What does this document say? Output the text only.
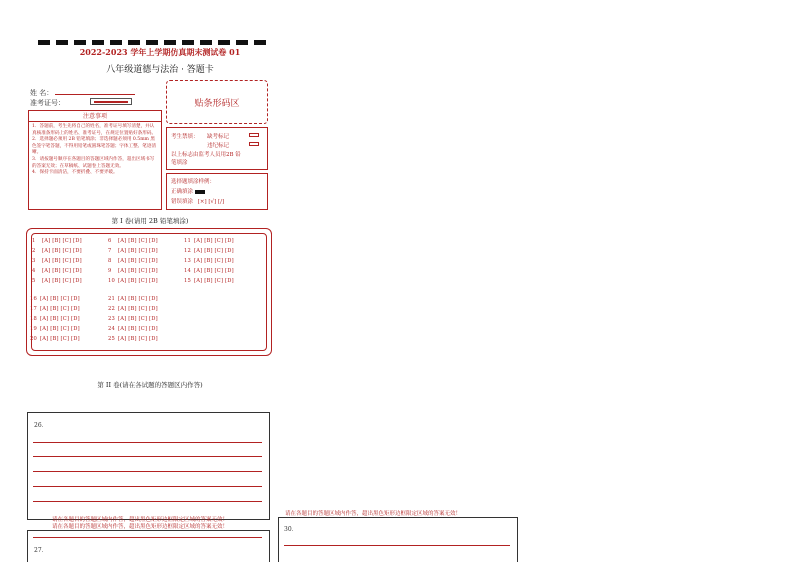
2022-2023 学年上学期仿真期末测试卷 01
八年级道德与法治 · 答题卡
姓 名：
准考证号：	贴条形码区
注意事项
1．答题前，考生先将自己的姓名，准考证号填写清楚，并认真核准条形码上的姓名、准考证号，在规定位置贴好条形码。
2．选择题必须用 2B 铅笔填涂；非选择题必须用 0.5mm 黑色签字笔答题，不得用铅笔或圆珠笔答题；字体工整、笔迹清晰。
3．请按题号顺序在各题目的答题区域内作答，超出区域书写的答案无效；在草稿纸、试题卷上答题无效。
4．保持卡面清洁，不要折叠、不要弄破。
考生禁填： 缺考标记
违纪标记
以上标志由监考人员用2B 铅笔填涂
选择题填涂样例：
正确填涂
错误填涂 [×] [√] [/]
第 I 卷(请用 2B 铅笔填涂)
1 [A] [B] [C] [D]
2 [A] [B] [C] [D]
3 [A] [B] [C] [D]
4 [A] [B] [C] [D]
5 [A] [B] [C] [D]
6 [A] [B] [C] [D]
7 [A] [B] [C] [D]
8 [A] [B] [C] [D]
9 [A] [B] [C] [D]
10 [A] [B] [C] [D]
11 [A] [B] [C] [D]
12 [A] [B] [C] [D]
13 [A] [B] [C] [D]
14 [A] [B] [C] [D]
15 [A] [B] [C] [D]
16 [A] [B] [C] [D]
17 [A] [B] [C] [D]
18 [A] [B] [C] [D]
19 [A] [B] [C] [D]
20 [A] [B] [C] [D]
21 [A] [B] [C] [D]
22 [A] [B] [C] [D]
23 [A] [B] [C] [D]
24 [A] [B] [C] [D]
25 [A] [B] [C] [D]
第 II 卷(请在各试题的答题区内作答)
26．
请在各题目的答题区域内作答，超出黑色矩形边框限定区域的答案无效！
请在各题目的答题区域内作答，超出黑色矩形边框限定区域的答案无效！
27．
请在各题目的答题区域内作答，超出黑色矩形边框限定区域的答案无效！
30．
